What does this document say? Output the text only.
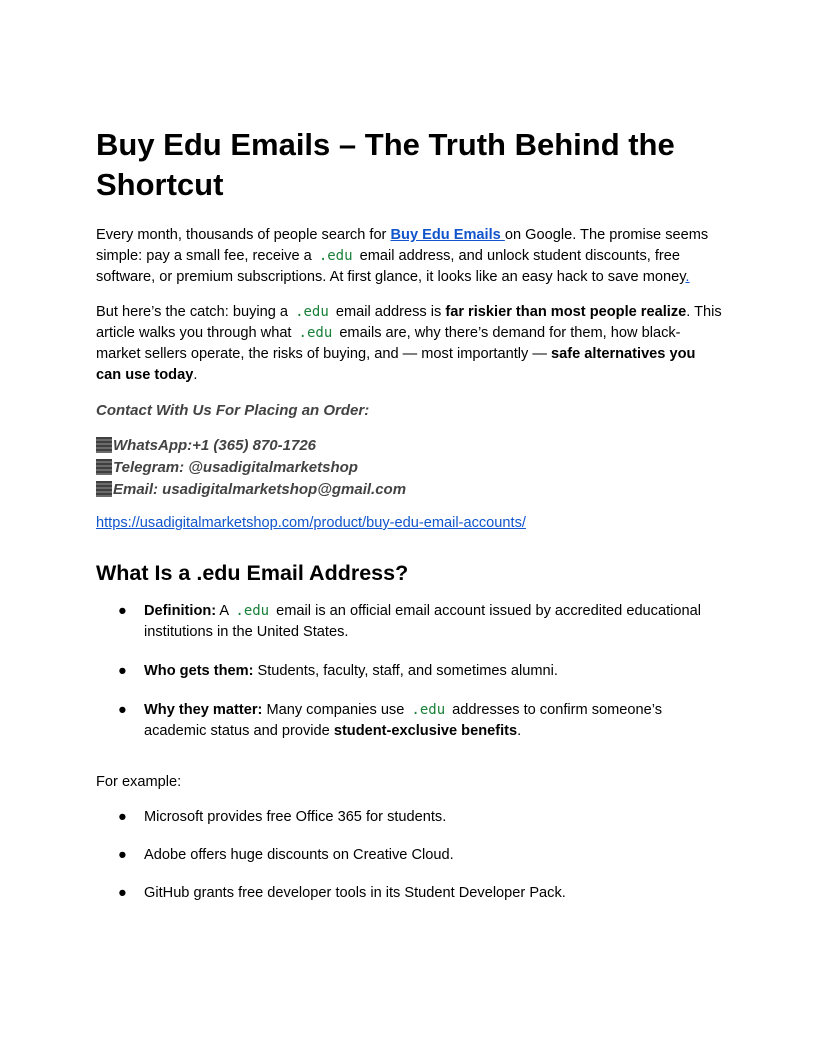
Buy Edu Emails – The Truth Behind the Shortcut

Every month, thousands of people search for Buy Edu Emails on Google. The promise seems simple: pay a small fee, receive a .edu email address, and unlock student discounts, free software, or premium subscriptions. At first glance, it looks like an easy hack to save money.

But here’s the catch: buying a .edu email address is far riskier than most people realize. This article walks you through what .edu emails are, why there’s demand for them, how black-market sellers operate, the risks of buying, and — most importantly — safe alternatives you can use today.

Contact With Us For Placing an Order:
WhatsApp:+1 (365) 870-1726
Telegram: @usadigitalmarketshop
Email: usadigitalmarketshop@gmail.com
https://usadigitalmarketshop.com/product/buy-edu-email-accounts/
What Is a .edu Email Address?
● Definition: A .edu email is an official email account issued by accredited educational institutions in the United States.
● Who gets them: Students, faculty, staff, and sometimes alumni.
● Why they matter: Many companies use .edu addresses to confirm someone’s academic status and provide student-exclusive benefits.

For example:

● Microsoft provides free Office 365 for students.
● Adobe offers huge discounts on Creative Cloud.
● GitHub grants free developer tools in its Student Developer Pack.
